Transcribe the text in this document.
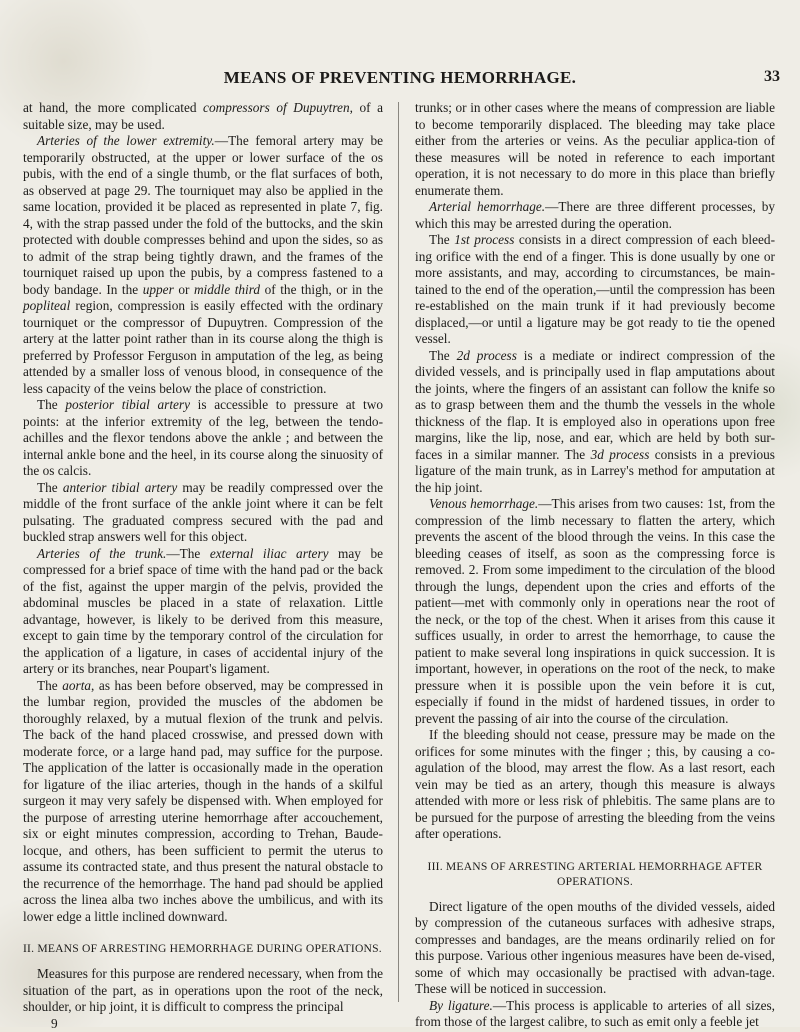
MEANS OF PREVENTING HEMORRHAGE.	33

at hand, the more complicated compressors of Dupuytren, of a suitable size, may be used.

Arteries of the lower extremity.—The femoral artery may be temporarily obstructed, at the upper or lower surface of the os pubis, with the end of a single thumb, or the flat surfaces of both, as observed at page 29. The tourniquet may also be applied in the same location, provided it be placed as represented in plate 7, fig. 4, with the strap passed under the fold of the buttocks, and the skin protected with double compresses behind and upon the sides, so as to admit of the strap being tightly drawn, and the frames of the tourniquet raised up upon the pubis, by a compress fastened to a body bandage. In the upper or middle third of the thigh, or in the popliteal region, compression is easily effected with the ordinary tourniquet or the compressor of Dupuytren. Compression of the artery at the latter point rather than in its course along the thigh is preferred by Professor Ferguson in amputation of the leg, as being attended by a smaller loss of venous blood, in consequence of the less capacity of the veins below the place of constriction.

The posterior tibial artery is accessible to pressure at two points: at the inferior extremity of the leg, between the tendo-achilles and the flexor tendons above the ankle ; and between the internal ankle bone and the heel, in its course along the sinuosity of the os calcis.

The anterior tibial artery may be readily compressed over the middle of the front surface of the ankle joint where it can be felt pulsating. The graduated compress secured with the pad and buckled strap answers well for this object.

Arteries of the trunk.—The external iliac artery may be compressed for a brief space of time with the hand pad or the back of the fist, against the upper margin of the pelvis, provided the abdominal muscles be placed in a state of relaxation. Little advantage, however, is likely to be derived from this measure, except to gain time by the temporary control of the circulation for the application of a ligature, in cases of accidental injury of the artery or its branches, near Poupart's ligament.

The aorta, as has been before observed, may be compressed in the lumbar region, provided the muscles of the abdomen be thoroughly relaxed, by a mutual flexion of the trunk and pelvis. The back of the hand placed crosswise, and pressed down with moderate force, or a large hand pad, may suffice for the purpose. The application of the latter is occasionally made in the operation for ligature of the iliac arteries, though in the hands of a skilful surgeon it may very safely be dispensed with. When employed for the purpose of arresting uterine hemorrhage after accouchement, six or eight minutes compression, according to Trehan, Baude-locque, and others, has been sufficient to permit the uterus to assume its contracted state, and thus present the natural obstacle to the recurrence of the hemorrhage. The hand pad should be applied across the linea alba two inches above the umbilicus, and with its lower edge a little inclined downward.

II. MEANS OF ARRESTING HEMORRHAGE DURING OPERATIONS.

Measures for this purpose are rendered necessary, when from the situation of the part, as in operations upon the root of the neck, shoulder, or hip joint, it is difficult to compress the principal

9

trunks; or in other cases where the means of compression are liable to become temporarily displaced. The bleeding may take place either from the arteries or veins. As the peculiar applica-tion of these measures will be noted in reference to each important operation, it is not necessary to do more in this place than briefly enumerate them.

Arterial hemorrhage.—There are three different processes, by which this may be arrested during the operation.

The 1st process consists in a direct compression of each bleed-ing orifice with the end of a finger. This is done usually by one or more assistants, and may, according to circumstances, be main-tained to the end of the operation,—until the compression has been re-established on the main trunk if it had previously become displaced,—or until a ligature may be got ready to tie the opened vessel.

The 2d process is a mediate or indirect compression of the divided vessels, and is principally used in flap amputations about the joints, where the fingers of an assistant can follow the knife so as to grasp between them and the thumb the vessels in the whole thickness of the flap. It is employed also in operations upon free margins, like the lip, nose, and ear, which are held by both sur-faces in a similar manner. The 3d process consists in a previous ligature of the main trunk, as in Larrey's method for amputation at the hip joint.

Venous hemorrhage.—This arises from two causes: 1st, from the compression of the limb necessary to flatten the artery, which prevents the ascent of the blood through the veins. In this case the bleeding ceases of itself, as soon as the compressing force is removed. 2. From some impediment to the circulation of the blood through the lungs, dependent upon the cries and efforts of the patient—met with commonly only in operations near the root of the neck, or the top of the chest. When it arises from this cause it suffices usually, in order to arrest the hemorrhage, to cause the patient to make several long inspirations in quick succession. It is important, however, in operations on the root of the neck, to make pressure when it is possible upon the vein before it is cut, especially if found in the midst of hardened tissues, in order to prevent the passing of air into the course of the circulation.

If the bleeding should not cease, pressure may be made on the orifices for some minutes with the finger ; this, by causing a co-agulation of the blood, may arrest the flow. As a last resort, each vein may be tied as an artery, though this measure is always attended with more or less risk of phlebitis. The same plans are to be pursued for the purpose of arresting the bleeding from the veins after operations.

III. MEANS OF ARRESTING ARTERIAL HEMORRHAGE AFTER OPERATIONS.

Direct ligature of the open mouths of the divided vessels, aided by compression of the cutaneous surfaces with adhesive straps, compresses and bandages, are the means ordinarily relied on for this purpose. Various other ingenious measures have been de-vised, some of which may occasionally be practised with advan-tage. These will be noticed in succession.

By ligature.—This process is applicable to arteries of all sizes, from those of the largest calibre, to such as emit only a feeble jet
